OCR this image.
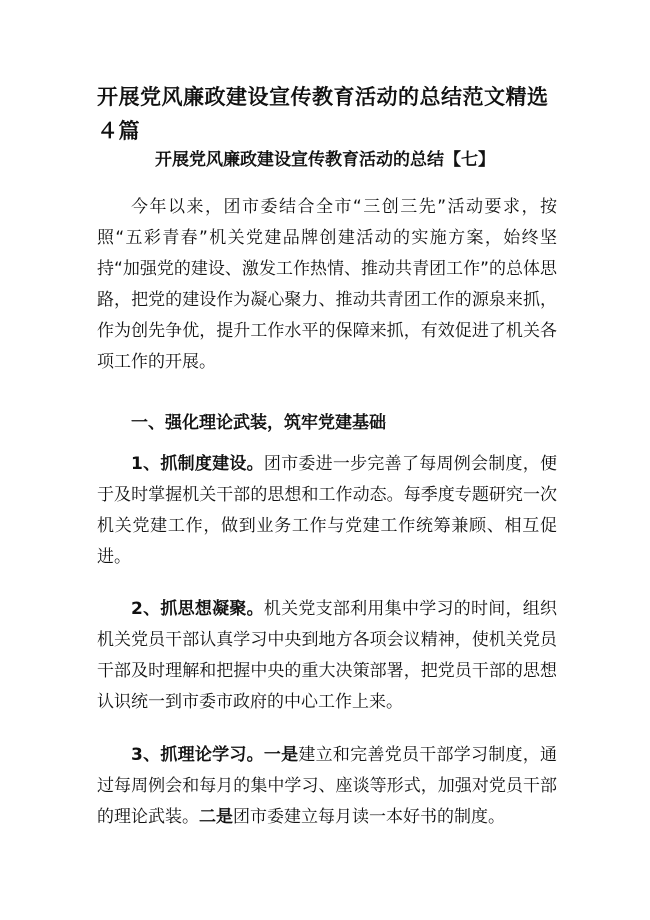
开展党风廉政建设宣传教育活动的总结范文精选４篇
开展党风廉政建设宣传教育活动的总结【七】

今年以来，团市委结合全市“三创三先”活动要求，按照“五彩青春”机关党建品牌创建活动的实施方案，始终坚持“加强党的建设、激发工作热情、推动共青团工作”的总体思路，把党的建设作为凝心聚力、推动共青团工作的源泉来抓，作为创先争优，提升工作水平的保障来抓，有效促进了机关各项工作的开展。

一、强化理论武装，筑牢党建基础

1、抓制度建设。团市委进一步完善了每周例会制度，便于及时掌握机关干部的思想和工作动态。每季度专题研究一次机关党建工作，做到业务工作与党建工作统筹兼顾、相互促进。

2、抓思想凝聚。机关党支部利用集中学习的时间，组织机关党员干部认真学习中央到地方各项会议精神，使机关党员干部及时理解和把握中央的重大决策部署，把党员干部的思想认识统一到市委市政府的中心工作上来。

3、抓理论学习。一是建立和完善党员干部学习制度，通过每周例会和每月的集中学习、座谈等形式，加强对党员干部的理论武装。二是团市委建立每月读一本好书的制度。
